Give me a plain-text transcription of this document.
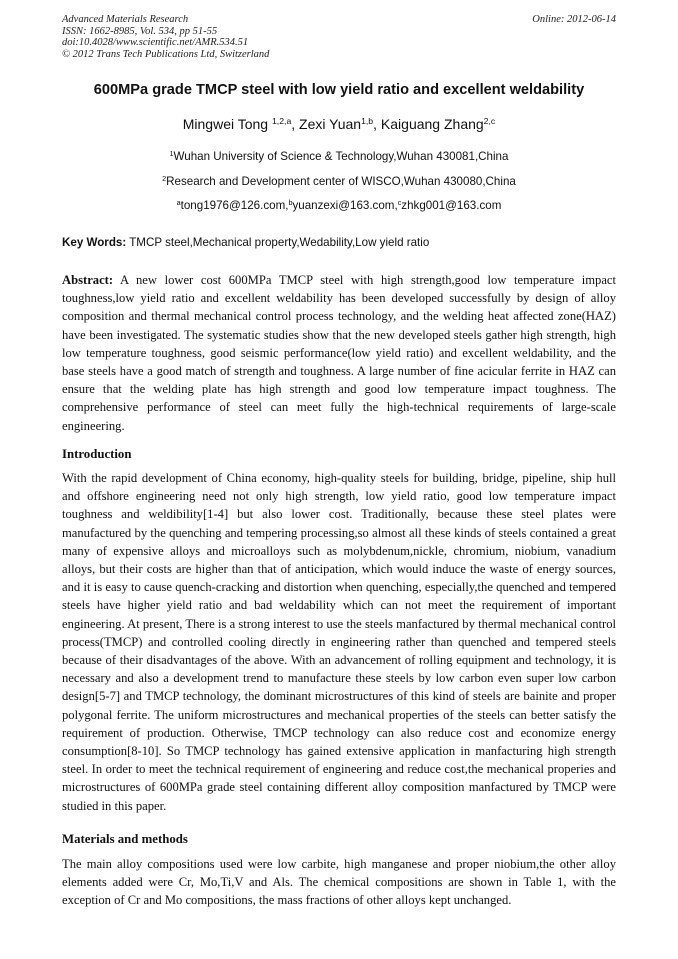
Advanced Materials Research
ISSN: 1662-8985, Vol. 534, pp 51-55
doi:10.4028/www.scientific.net/AMR.534.51
© 2012 Trans Tech Publications Ltd, Switzerland
Online: 2012-06-14
600MPa grade TMCP steel with low yield ratio and excellent weldability
Mingwei Tong $^{1,2,a}$, Zexi Yuan$^{1,b}$, Kaiguang Zhang$^{2,c}$
$^1$Wuhan University of Science & Technology,Wuhan 430081,China
$^2$Research and Development center of WISCO,Wuhan 430080,China
$^a$tong1976@126.com,$^b$yuanzexi@163.com,$^c$zhkg001@163.com
Key Words: TMCP steel,Mechanical property,Wedability,Low yield ratio

Abstract: A new lower cost 600MPa TMCP steel with high strength,good low temperature impact toughness,low yield ratio and excellent weldability has been developed successfully by design of alloy composition and thermal mechanical control process technology, and the welding heat affected zone(HAZ) have been investigated. The systematic studies show that the new developed steels gather high strength, high low temperature toughness, good seismic performance(low yield ratio) and excellent weldability, and the base steels have a good match of strength and toughness. A large number of fine acicular ferrite in HAZ can ensure that the welding plate has high strength and good low temperature impact toughness. The comprehensive performance of steel can meet fully the high-technical requirements of large-scale engineering.

Introduction

With the rapid development of China economy, high-quality steels for building, bridge, pipeline, ship hull and offshore engineering need not only high strength, low yield ratio, good low temperature impact toughness and weldibility[1-4] but also lower cost. Traditionally, because these steel plates were manufactured by the quenching and tempering processing,so almost all these kinds of steels contained a great many of expensive alloys and microalloys such as molybdenum,nickle, chromium, niobium, vanadium alloys, but their costs are higher than that of anticipation, which would induce the waste of energy sources, and it is easy to cause quench-cracking and distortion when quenching, especially,the quenched and tempered steels have higher yield ratio and bad weldability which can not meet the requirement of important engineering. At present, There is a strong interest to use the steels manfactured by thermal mechanical control process(TMCP) and controlled cooling directly in engineering rather than quenched and tempered steels because of their disadvantages of the above. With an advancement of rolling equipment and technology, it is necessary and also a development trend to manufacture these steels by low carbon even super low carbon design[5-7] and TMCP technology, the dominant microstructures of this kind of steels are bainite and proper polygonal ferrite. The uniform microstructures and mechanical properties of the steels can better satisfy the requirement of production. Otherwise, TMCP technology can also reduce cost and economize energy consumption[8-10]. So TMCP technology has gained extensive application in manfacturing high strength steel. In order to meet the technical requirement of engineering and reduce cost,the mechanical properies and microstructures of 600MPa grade steel containing different alloy composition manfactured by TMCP were studied in this paper.

Materials and methods

The main alloy compositions used were low carbite, high manganese and proper niobium,the other alloy elements added were Cr, Mo,Ti,V and Als. The chemical compositions are shown in Table 1, with the exception of Cr and Mo compositions, the mass fractions of other alloys kept unchanged.
